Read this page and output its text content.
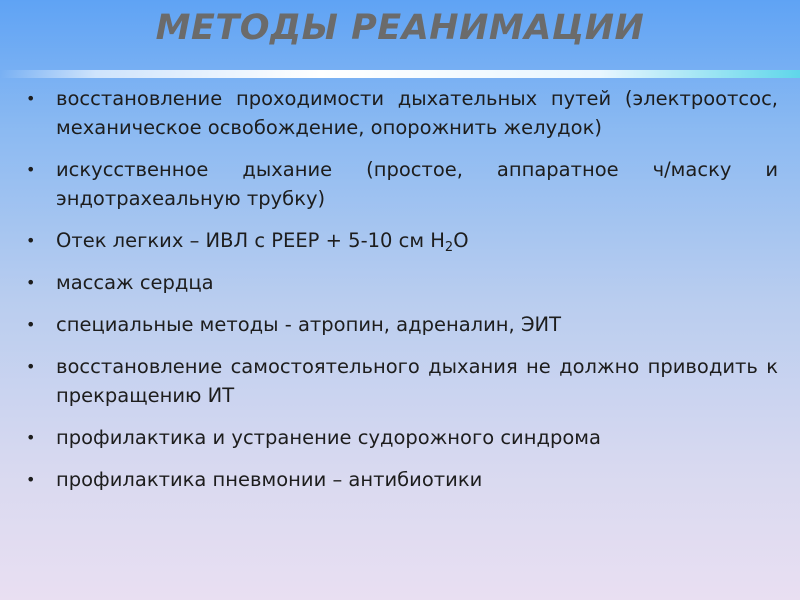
МЕТОДЫ РЕАНИМАЦИИ
• восстановление проходимости дыхательных путей (электроотсос, механическое освобождение, опорожнить желудок)
• искусственное дыхание (простое, аппаратное ч/маску и эндотрахеальную трубку)
• Отек легких – ИВЛ с PEEP + 5-10 см $H_2O$
• массаж сердца
• специальные методы - атропин, адреналин, ЭИТ
• восстановление самостоятельного дыхания не должно приводить к прекращению ИТ
• профилактика и устранение судорожного синдрома
• профилактика пневмонии – антибиотики
